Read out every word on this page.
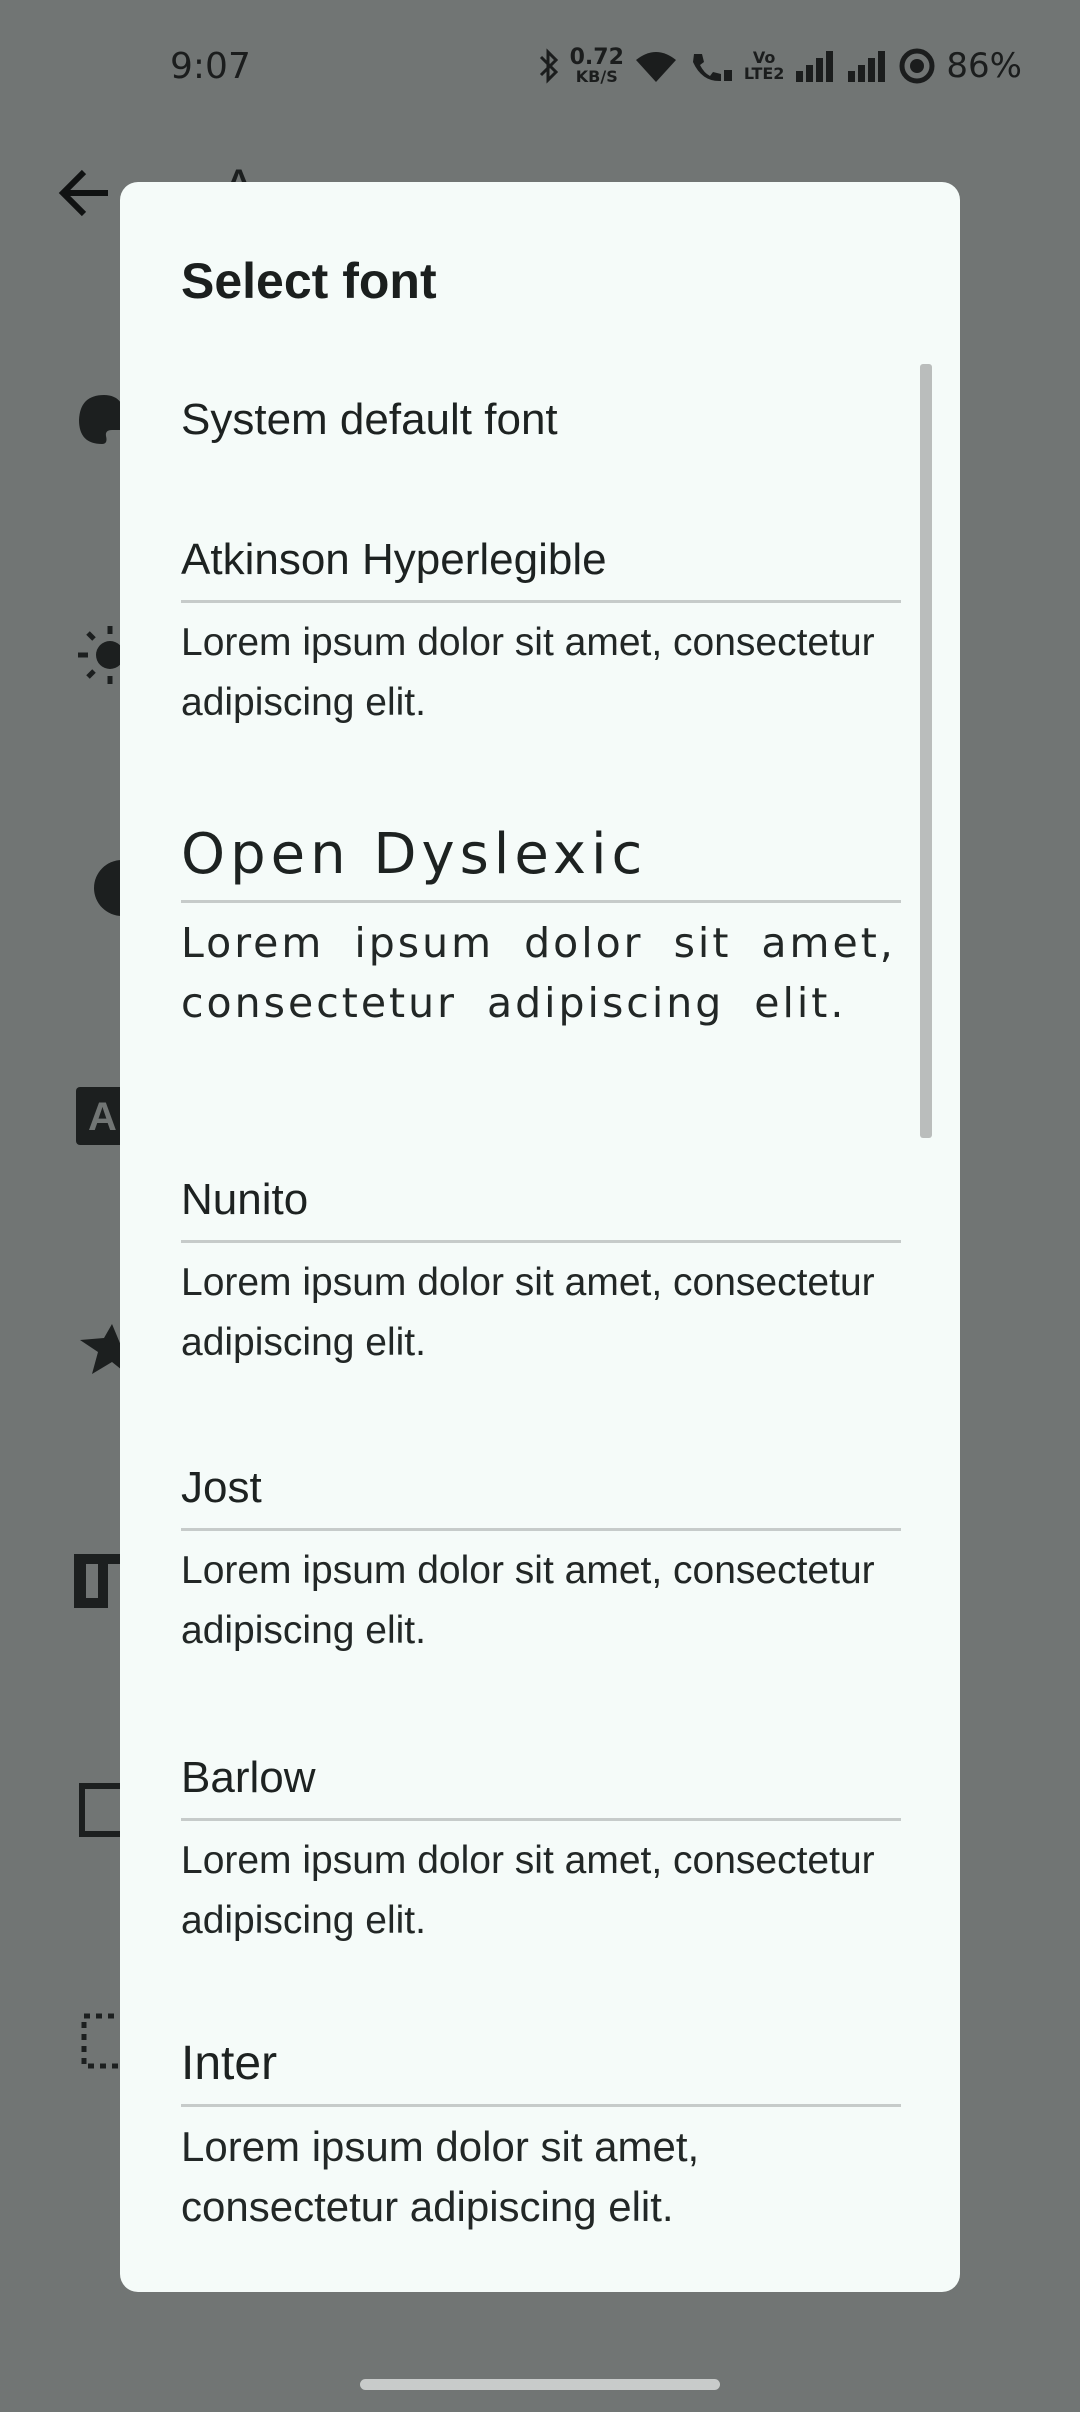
9:07	0.72
KB/S
Vo
LTE2	86%
A
Select font
System default font
Atkinson Hyperlegible
Lorem ipsum dolor sit amet, consectetur adipiscing elit.
Open Dyslexic
Lorem ipsum dolor sit amet, consectetur adipiscing elit.
Nunito
Lorem ipsum dolor sit amet, consectetur adipiscing elit.
Jost
Lorem ipsum dolor sit amet, consectetur adipiscing elit.
Barlow
Lorem ipsum dolor sit amet, consectetur adipiscing elit.
Inter
Lorem ipsum dolor sit amet, consectetur adipiscing elit.
